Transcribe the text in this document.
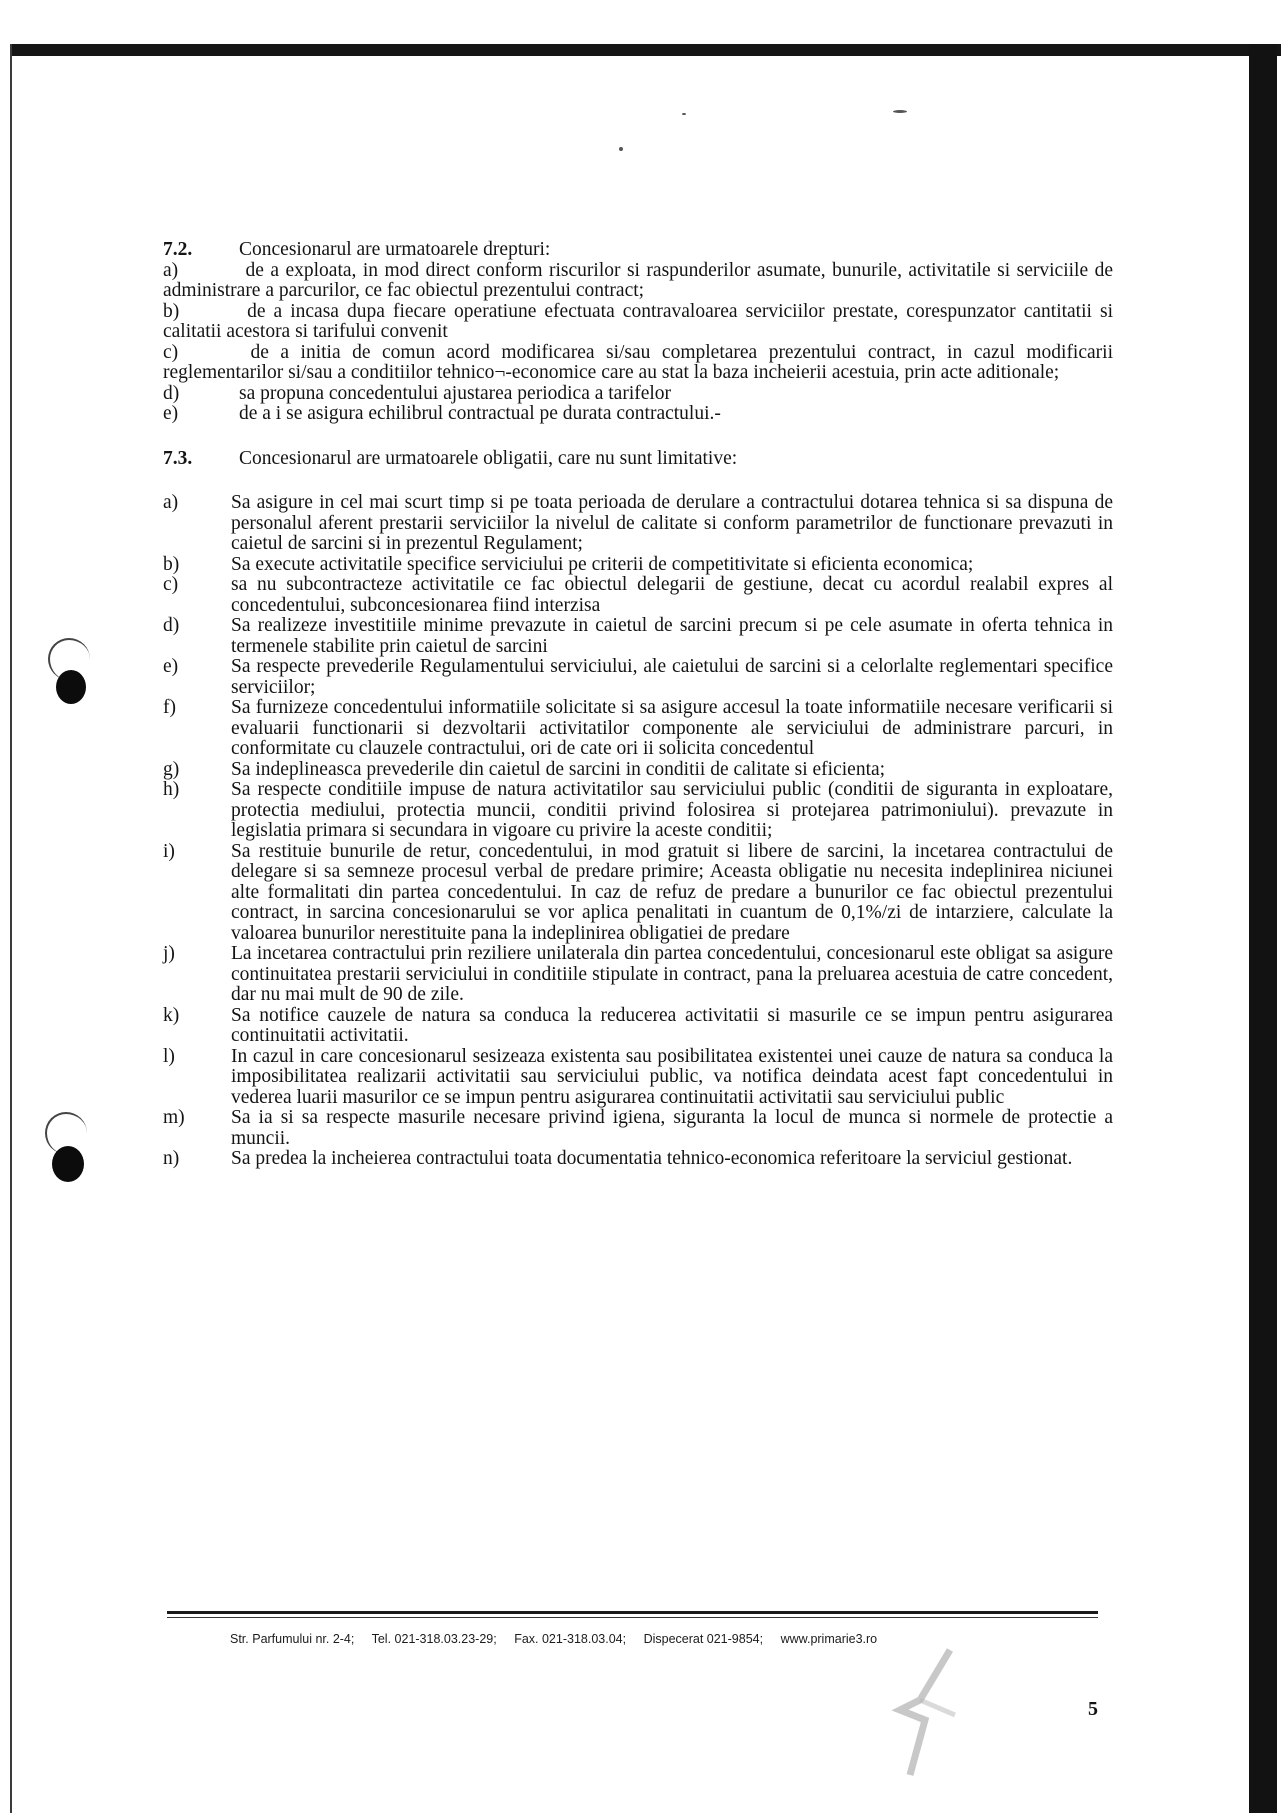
7.2.	Concesionarul are urmatoarele drepturi:
a)	de a exploata, in mod direct conform riscurilor si raspunderilor asumate, bunurile, activitatile si serviciile de administrare a parcurilor, ce fac obiectul prezentului contract;
b)	de a incasa dupa fiecare operatiune efectuata contravaloarea serviciilor prestate, corespunzator cantitatii si calitatii acestora si tarifului convenit
c)	de a initia de comun acord modificarea si/sau completarea prezentului contract, in cazul modificarii reglementarilor si/sau a conditiilor tehnico¬-economice care au stat la baza incheierii acestuia, prin acte aditionale;
d)	sa propuna concedentului ajustarea periodica a tarifelor
e)	de a i se asigura echilibrul contractual pe durata contractului.-
7.3.	Concesionarul are urmatoarele obligatii, care nu sunt limitative:
a)	Sa asigure in cel mai scurt timp si pe toata perioada de derulare a contractului dotarea tehnica si sa dispuna de personalul aferent prestarii serviciilor la nivelul de calitate si conform parametrilor de functionare prevazuti in caietul de sarcini si in prezentul Regulament;
b)	Sa execute activitatile specifice serviciului pe criterii de competitivitate si eficienta economica;
c)	sa nu subcontracteze activitatile ce fac obiectul delegarii de gestiune, decat cu acordul realabil expres al concedentului, subconcesionarea fiind interzisa
d)	Sa realizeze investitiile minime prevazute in caietul de sarcini precum si pe cele asumate in oferta tehnica in termenele stabilite prin caietul de sarcini
e)	Sa respecte prevederile Regulamentului serviciului, ale caietului de sarcini si a celorlalte reglementari specifice serviciilor;
f)	Sa furnizeze concedentului informatiile solicitate si sa asigure accesul la toate informatiile necesare verificarii si evaluarii functionarii si dezvoltarii activitatilor componente ale serviciului de administrare parcuri, in conformitate cu clauzele contractului, ori de cate ori ii solicita concedentul
g)	Sa indeplineasca prevederile din caietul de sarcini in conditii de calitate si eficienta;
h)	Sa respecte conditiile impuse de natura activitatilor sau serviciului public (conditii de siguranta in exploatare, protectia mediului, protectia muncii, conditii privind folosirea si protejarea patrimoniului). prevazute in legislatia primara si secundara in vigoare cu privire la aceste conditii;
i)	Sa restituie bunurile de retur, concedentului, in mod gratuit si libere de sarcini, la incetarea contractului de delegare si sa semneze procesul verbal de predare primire; Aceasta obligatie nu necesita indeplinirea niciunei alte formalitati din partea concedentului. In caz de refuz de predare a bunurilor ce fac obiectul prezentului contract, in sarcina concesionarului se vor aplica penalitati in cuantum de 0,1%/zi de intarziere, calculate la valoarea bunurilor nerestituite pana la indeplinirea obligatiei de predare
j)	La incetarea contractului prin reziliere unilaterala din partea concedentului, concesionarul este obligat sa asigure continuitatea prestarii serviciului in conditiile stipulate in contract, pana la preluarea acestuia de catre concedent, dar nu mai mult de 90 de zile.
k)	Sa notifice cauzele de natura sa conduca la reducerea activitatii si masurile ce se impun pentru asigurarea continuitatii activitatii.
l)	In cazul in care concesionarul sesizeaza existenta sau posibilitatea existentei unei cauze de natura sa conduca la imposibilitatea realizarii activitatii sau serviciului public, va notifica deindata acest fapt concedentului in vederea luarii masurilor ce se impun pentru asigurarea continuitatii activitatii sau serviciului public
m)	Sa ia si sa respecte masurile necesare privind igiena, siguranta la locul de munca si normele de protectie a muncii.
n)	Sa predea la incheierea contractului toata documentatia tehnico-economica referitoare la serviciul gestionat.
Str. Parfumului nr. 2-4; Tel. 021-318.03.23-29; Fax. 021-318.03.04; Dispecerat 021-9854; www.primarie3.ro
5
